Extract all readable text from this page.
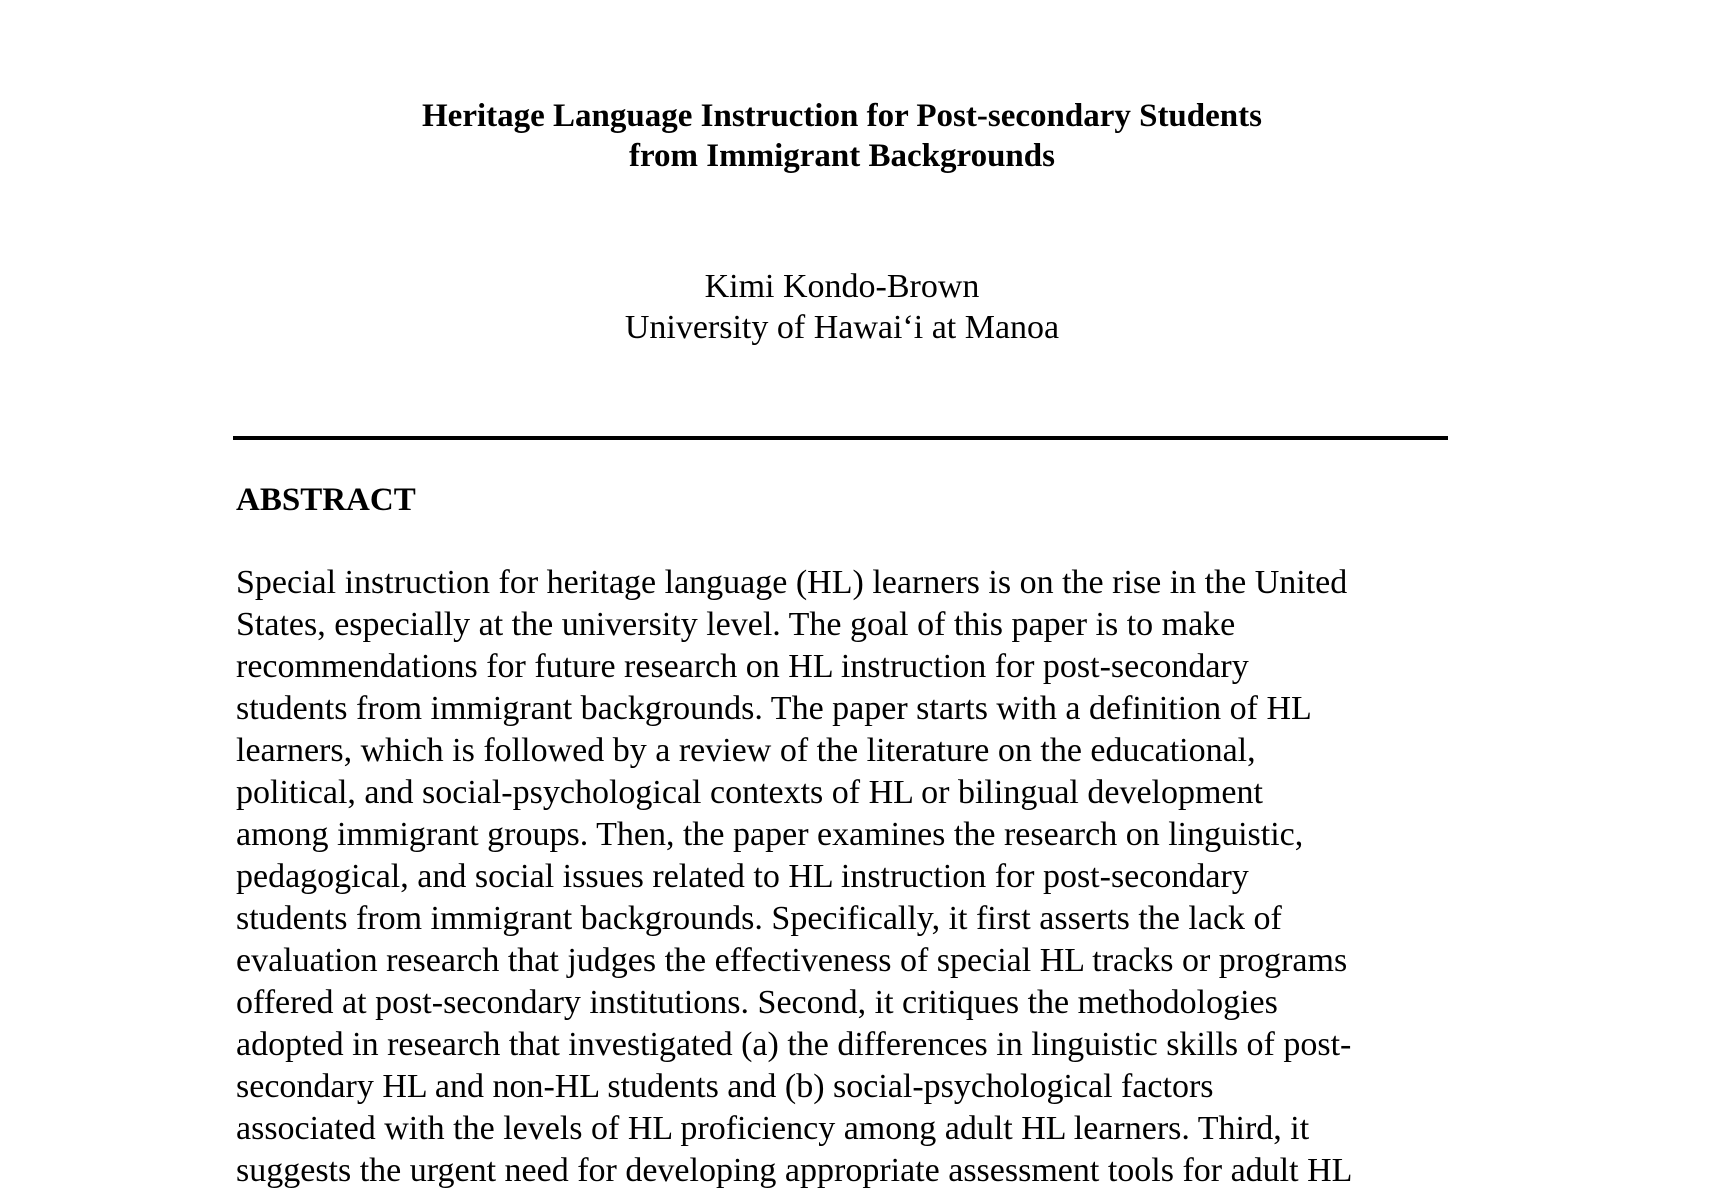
Heritage Language Instruction for Post-secondary Students
from Immigrant Backgrounds
Kimi Kondo-Brown
University of Hawai‘i at Manoa
ABSTRACT
Special instruction for heritage language (HL) learners is on the rise in the United
States, especially at the university level. The goal of this paper is to make
recommendations for future research on HL instruction for post-secondary
students from immigrant backgrounds. The paper starts with a definition of HL
learners, which is followed by a review of the literature on the educational,
political, and social-psychological contexts of HL or bilingual development
among immigrant groups. Then, the paper examines the research on linguistic,
pedagogical, and social issues related to HL instruction for post-secondary
students from immigrant backgrounds. Specifically, it first asserts the lack of
evaluation research that judges the effectiveness of special HL tracks or programs
offered at post-secondary institutions. Second, it critiques the methodologies
adopted in research that investigated (a) the differences in linguistic skills of post-
secondary HL and non-HL students and (b) social-psychological factors
associated with the levels of HL proficiency among adult HL learners. Third, it
suggests the urgent need for developing appropriate assessment tools for adult HL
